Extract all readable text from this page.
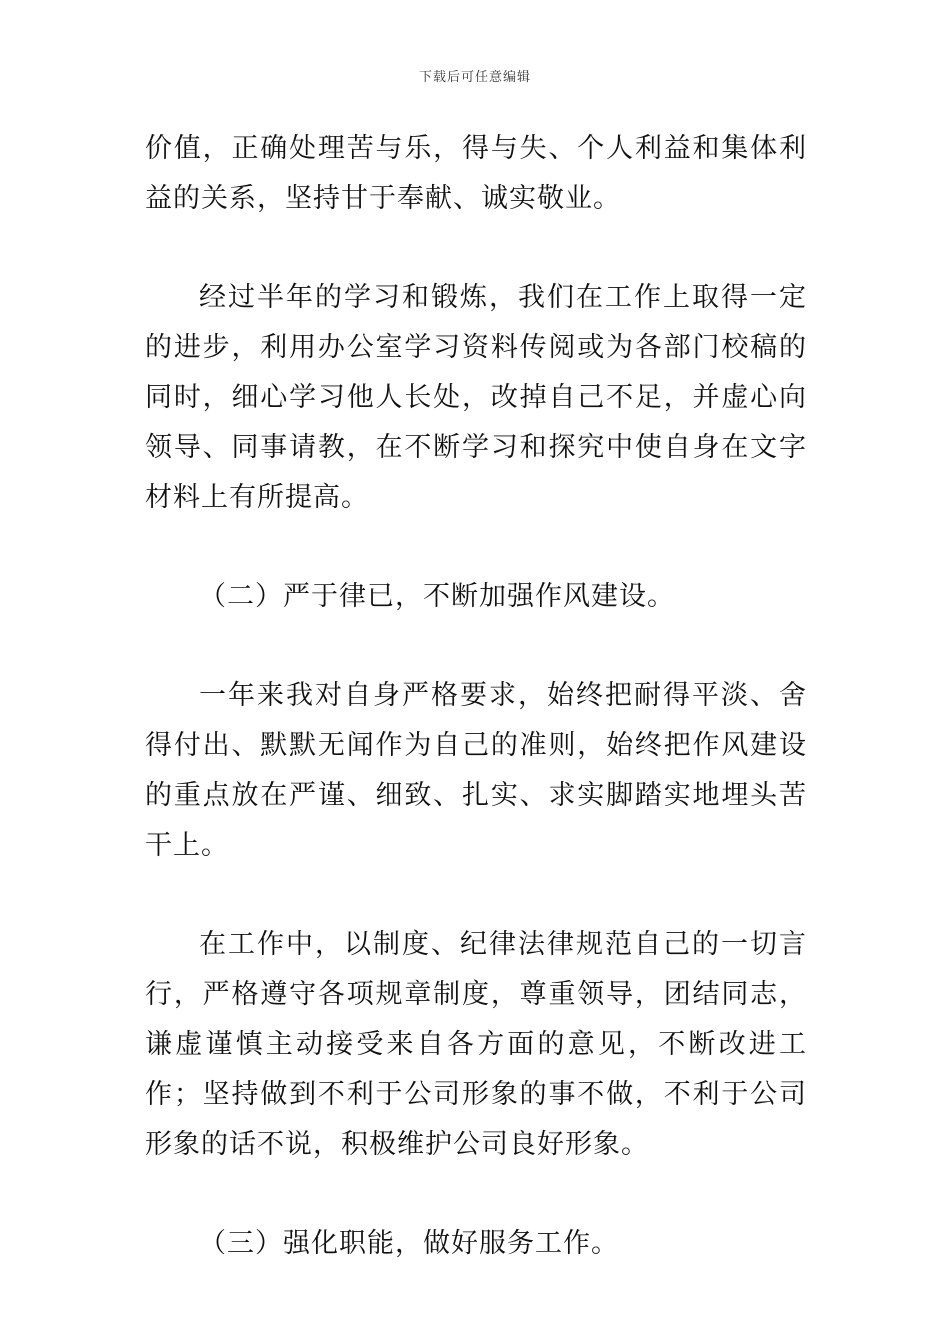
下载后可任意编辑

价值，正确处理苦与乐，得与失、个人利益和集体利益的关系，坚持甘于奉献、诚实敬业。

经过半年的学习和锻炼，我们在工作上取得一定的进步，利用办公室学习资料传阅或为各部门校稿的同时，细心学习他人长处，改掉自己不足，并虚心向领导、同事请教，在不断学习和探究中使自身在文字材料上有所提高。

（二）严于律已，不断加强作风建设。

一年来我对自身严格要求，始终把耐得平淡、舍得付出、默默无闻作为自己的准则，始终把作风建设的重点放在严谨、细致、扎实、求实脚踏实地埋头苦干上。

在工作中，以制度、纪律法律规范自己的一切言行，严格遵守各项规章制度，尊重领导，团结同志，谦虚谨慎主动接受来自各方面的意见，不断改进工作；坚持做到不利于公司形象的事不做，不利于公司形象的话不说，积极维护公司良好形象。

（三）强化职能，做好服务工作。
